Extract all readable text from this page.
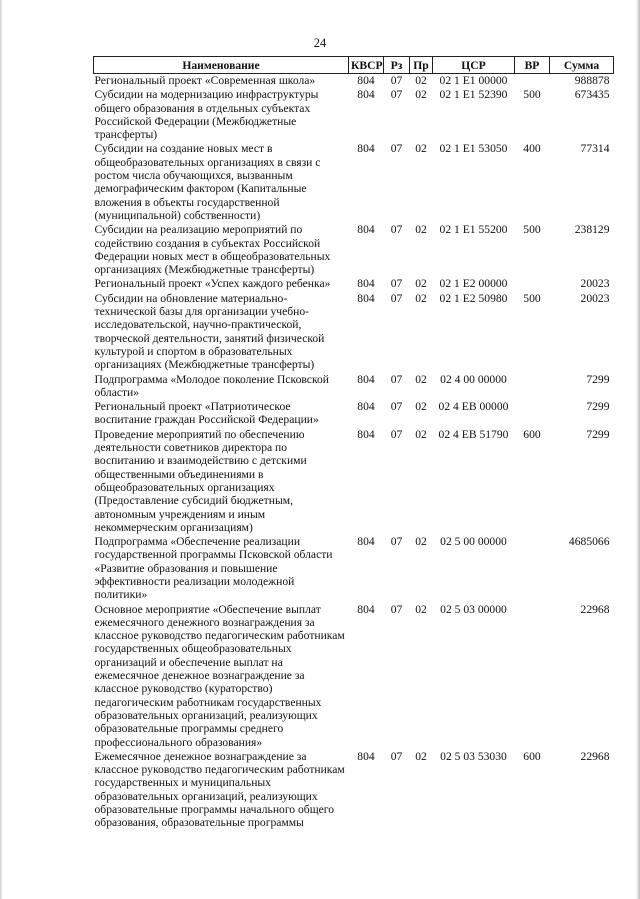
24
Наименование	КВСР	Рз	Пр	ЦСР	ВР	Сумма
Региональный проект «Современная школа»	804	07	02	02 1 E1 00000		988878
Субсидии на модернизацию инфраструктуры общего образования в отдельных субъектах Российской Федерации (Межбюджетные трансферты)	804	07	02	02 1 E1 52390	500	673435
Субсидии на создание новых мест в общеобразовательных организациях в связи с ростом числа обучающихся, вызванным демографическим фактором (Капитальные вложения в объекты государственной (муниципальной) собственности)	804	07	02	02 1 E1 53050	400	77314
Субсидии на реализацию мероприятий по содействию создания в субъектах Российской Федерации новых мест в общеобразовательных организациях (Межбюджетные трансферты)	804	07	02	02 1 E1 55200	500	238129
Региональный проект «Успех каждого ребенка»	804	07	02	02 1 E2 00000		20023
Субсидии на обновление материально-технической базы для организации учебно-исследовательской, научно-практической, творческой деятельности, занятий физической культурой и спортом в образовательных организациях (Межбюджетные трансферты)	804	07	02	02 1 E2 50980	500	20023
Подпрограмма «Молодое поколение Псковской области»	804	07	02	02 4 00 00000		7299
Региональный проект «Патриотическое воспитание граждан Российской Федерации»	804	07	02	02 4 EB 00000		7299
Проведение мероприятий по обеспечению деятельности советников директора по воспитанию и взаимодействию с детскими общественными объединениями в общеобразовательных организациях (Предоставление субсидий бюджетным, автономным учреждениям и иным некоммерческим организациям)	804	07	02	02 4 EB 51790	600	7299
Подпрограмма «Обеспечение реализации государственной программы Псковской области «Развитие образования и повышение эффективности реализации молодежной политики»	804	07	02	02 5 00 00000		4685066
Основное мероприятие «Обеспечение выплат ежемесячного денежного вознаграждения за классное руководство педагогическим работникам государственных общеобразовательных организаций и обеспечение выплат на ежемесячное денежное вознаграждение за классное руководство (кураторство) педагогическим работникам государственных образовательных организаций, реализующих образовательные программы среднего профессионального образования»	804	07	02	02 5 03 00000		22968
Ежемесячное денежное вознаграждение за классное руководство педагогическим работникам государственных и муниципальных образовательных организаций, реализующих образовательные программы начального общего образования, образовательные программы	804	07	02	02 5 03 53030	600	22968
